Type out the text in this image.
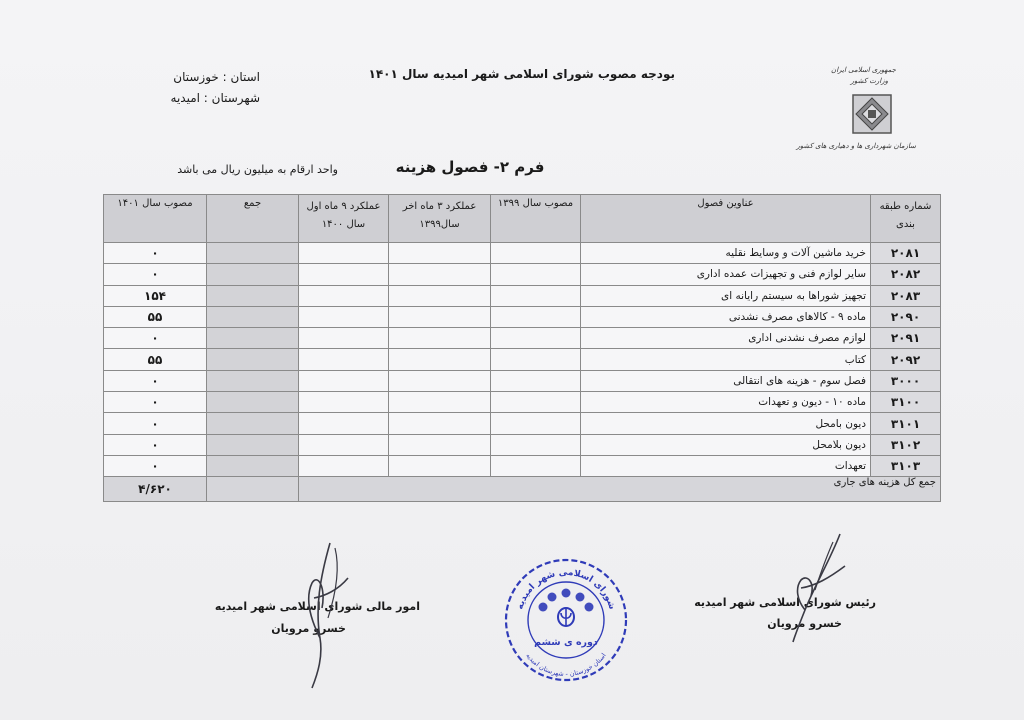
بودجه مصوب شورای اسلامی شهر امیدیه سال ۱۴۰۱
استان : خوزستان
شهرستان : امیدیه
فرم ۲- فصول هزینه
واحد ارقام به میلیون ریال می باشد
جمهوری اسلامی ایران
وزارت کشور
سازمان شهرداری ها و دهیاری های کشور
شماره طبقه بندی	عناوین فصول	مصوب سال ۱۳۹۹	عملکرد ۳ ماه اخر سال۱۳۹۹	عملکرد ۹ ماه اول سال ۱۴۰۰	جمع	مصوب سال ۱۴۰۱
۲۰۸۱	خرید ماشین آلات و وسایط نقلیه					۰
۲۰۸۲	سایر لوازم فنی و تجهیزات عمده اداری					۰
۲۰۸۳	تجهیز شوراها به سیستم رایانه ای					۱۵۴
۲۰۹۰	ماده ۹ - کالاهای مصرف نشدنی					۵۵
۲۰۹۱	لوازم مصرف نشدنی اداری					۰
۲۰۹۲	کتاب					۵۵
۳۰۰۰	فصل سوم - هزینه های انتقالی					۰
۳۱۰۰	ماده ۱۰ - دیون و تعهدات					۰
۳۱۰۱	دیون بامحل					۰
۳۱۰۲	دیون بلامحل					۰
۳۱۰۳	تعهدات					۰
جمع کل هزینه های جاری						۴/۶۲۰
امور مالی شورای اسلامی شهر امیدیه
خسرو مرویان
رئیس شورای اسلامی شهر امیدیه
خسرو مرویان
شورای اسلامی شهر امیدیه
دوره ی ششم
استان خوزستان - شهرستان امیدیه
